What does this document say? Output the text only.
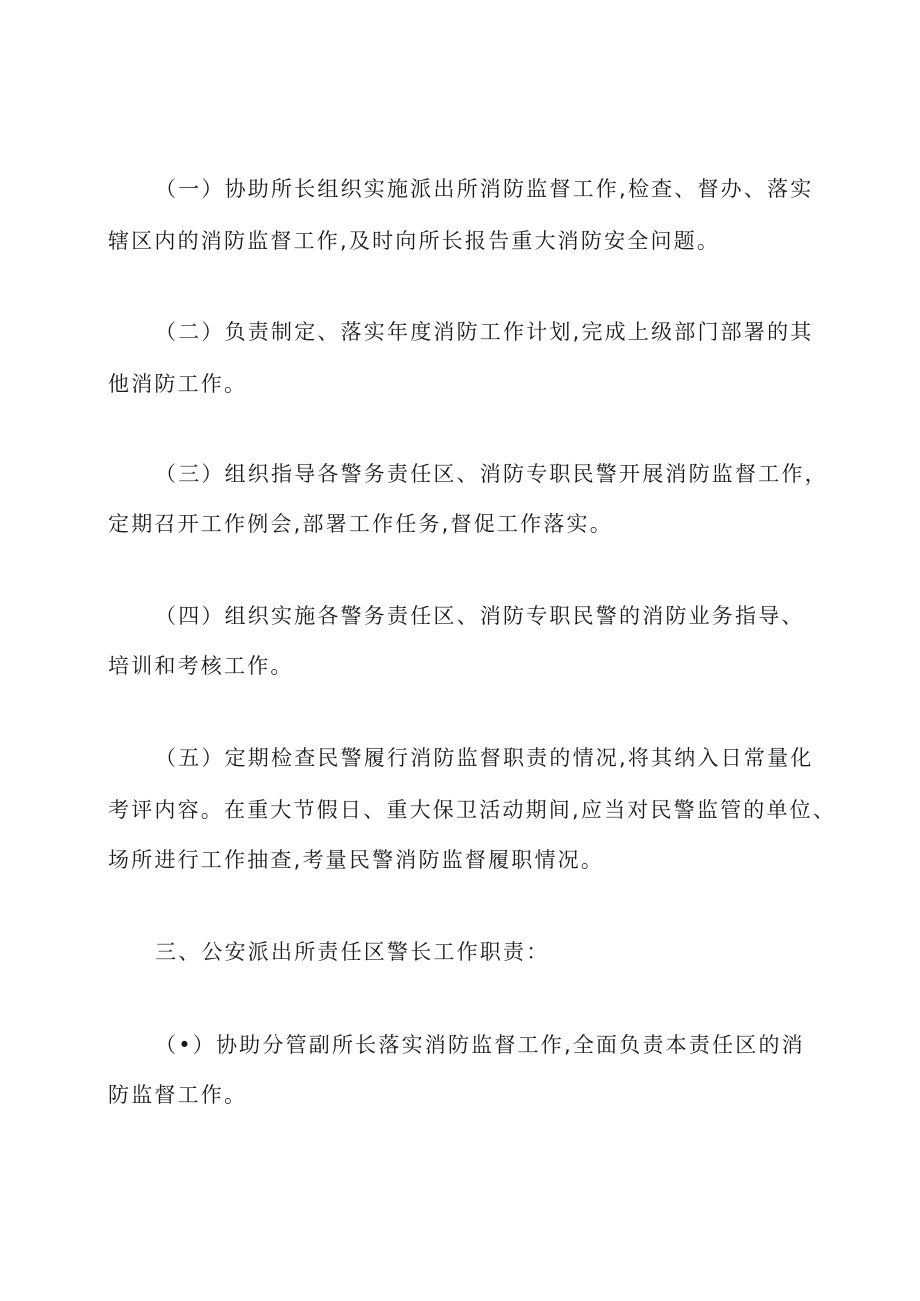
（一）协助所长组织实施派出所消防监督工作,检查、督办、落实
辖区内的消防监督工作,及时向所长报告重大消防安全问题。
（二）负责制定、落实年度消防工作计划,完成上级部门部署的其
他消防工作。
（三）组织指导各警务责任区、消防专职民警开展消防监督工作，
定期召开工作例会,部署工作任务,督促工作落实。
（四）组织实施各警务责任区、消防专职民警的消防业务指导、
培训和考核工作。
（五）定期检查民警履行消防监督职责的情况,将其纳入日常量化
考评内容。在重大节假日、重大保卫活动期间,应当对民警监管的单位、
场所进行工作抽查,考量民警消防监督履职情况。
三、公安派出所责任区警长工作职责：
（•）协助分管副所长落实消防监督工作,全面负责本责任区的消
防监督工作。
